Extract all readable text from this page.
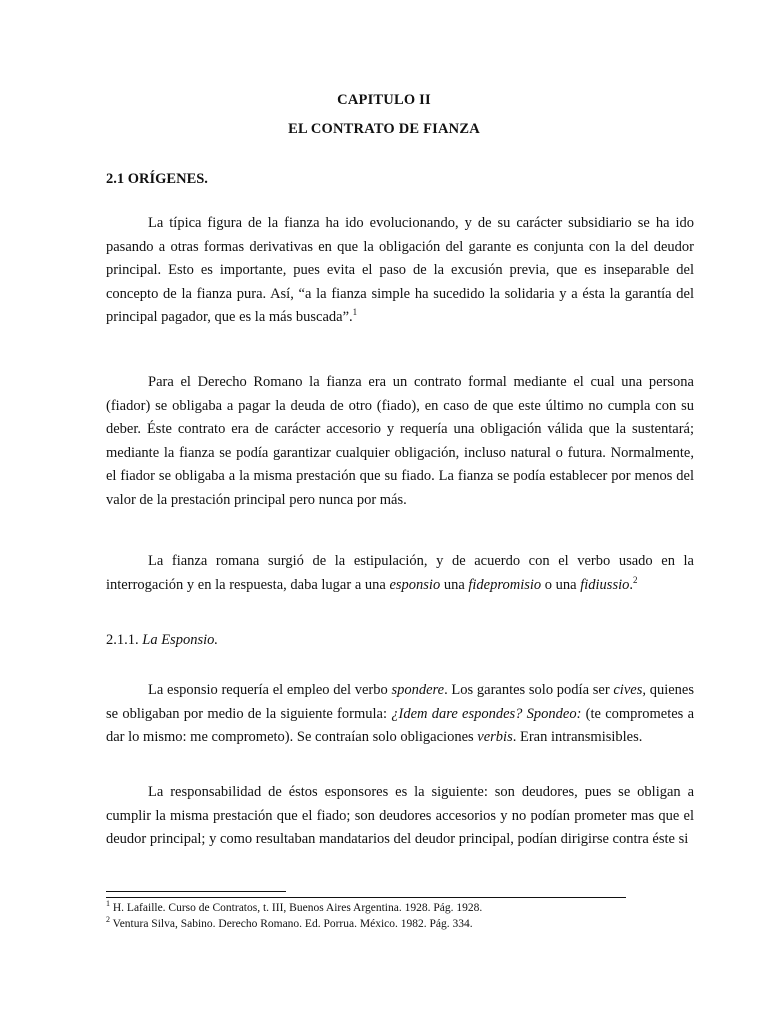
CAPITULO II
EL CONTRATO DE FIANZA
2.1 ORÍGENES.

La típica figura de la fianza ha ido evolucionando, y de su carácter subsidiario se ha ido pasando a otras formas derivativas en que la obligación del garante es conjunta con la del deudor principal. Esto es importante, pues evita el paso de la excusión previa, que es inseparable del concepto de la fianza pura. Así, “a la fianza simple ha sucedido la solidaria y a ésta la garantía del principal pagador, que es la más buscada”.$^1$

Para el Derecho Romano la fianza era un contrato formal mediante el cual una persona (fiador) se obligaba a pagar la deuda de otro (fiado), en caso de que este último no cumpla con su deber. Éste contrato era de carácter accesorio y requería una obligación válida que la sustentará; mediante la fianza se podía garantizar cualquier obligación, incluso natural o futura. Normalmente, el fiador se obligaba a la misma prestación que su fiado. La fianza se podía establecer por menos del valor de la prestación principal pero nunca por más.

La fianza romana surgió de la estipulación, y de acuerdo con el verbo usado en la interrogación y en la respuesta, daba lugar a una esponsio una fidepromisio o una fidiussio.$^2$

2.1.1. La Esponsio.

La esponsio requería el empleo del verbo spondere. Los garantes solo podía ser cives, quienes se obligaban por medio de la siguiente formula: ¿Idem dare espondes? Spondeo: (te comprometes a dar lo mismo: me comprometo). Se contraían solo obligaciones verbis. Eran intransmisibles.

La responsabilidad de éstos esponsores es la siguiente: son deudores, pues se obligan a cumplir la misma prestación que el fiado; son deudores accesorios y no podían prometer mas que el deudor principal; y como resultaban mandatarios del deudor principal, podían dirigirse contra éste si

$^1$ H. Lafaille. Curso de Contratos, t. III, Buenos Aires Argentina. 1928. Pág. 1928.
$^2$ Ventura Silva, Sabino. Derecho Romano. Ed. Porrua. México. 1982. Pág. 334.
